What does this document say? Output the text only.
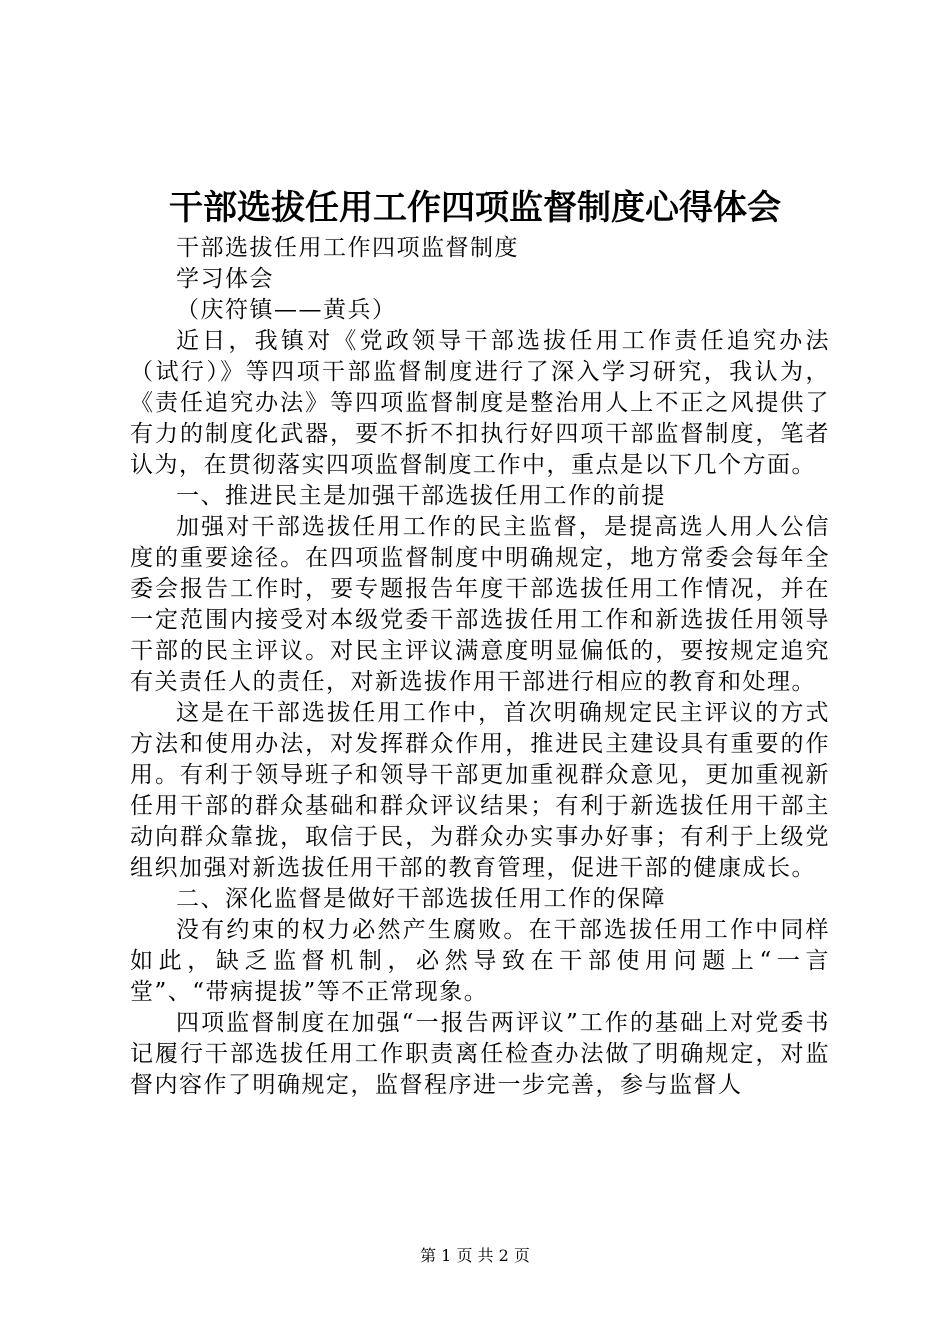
干部选拔任用工作四项监督制度心得体会

干部选拔任用工作四项监督制度

学习体会

（庆符镇——黄兵）

近日，我镇对《党政领导干部选拔任用工作责任追究办法（试行）》等四项干部监督制度进行了深入学习研究，我认为，《责任追究办法》等四项监督制度是整治用人上不正之风提供了有力的制度化武器，要不折不扣执行好四项干部监督制度，笔者认为，在贯彻落实四项监督制度工作中，重点是以下几个方面。

一、推进民主是加强干部选拔任用工作的前提

加强对干部选拔任用工作的民主监督，是提高选人用人公信度的重要途径。在四项监督制度中明确规定，地方常委会每年全委会报告工作时，要专题报告年度干部选拔任用工作情况，并在一定范围内接受对本级党委干部选拔任用工作和新选拔任用领导干部的民主评议。对民主评议满意度明显偏低的，要按规定追究有关责任人的责任，对新选拔作用干部进行相应的教育和处理。

这是在干部选拔任用工作中，首次明确规定民主评议的方式方法和使用办法，对发挥群众作用，推进民主建设具有重要的作用。有利于领导班子和领导干部更加重视群众意见，更加重视新任用干部的群众基础和群众评议结果；有利于新选拔任用干部主动向群众靠拢，取信于民，为群众办实事办好事；有利于上级党组织加强对新选拔任用干部的教育管理，促进干部的健康成长。

二、深化监督是做好干部选拔任用工作的保障

没有约束的权力必然产生腐败。在干部选拔任用工作中同样如此，缺乏监督机制，必然导致在干部使用问题上“一言堂”、“带病提拔”等不正常现象。

四项监督制度在加强“一报告两评议”工作的基础上对党委书记履行干部选拔任用工作职责离任检查办法做了明确规定，对监督内容作了明确规定，监督程序进一步完善，参与监督人

第 1 页 共 2 页
